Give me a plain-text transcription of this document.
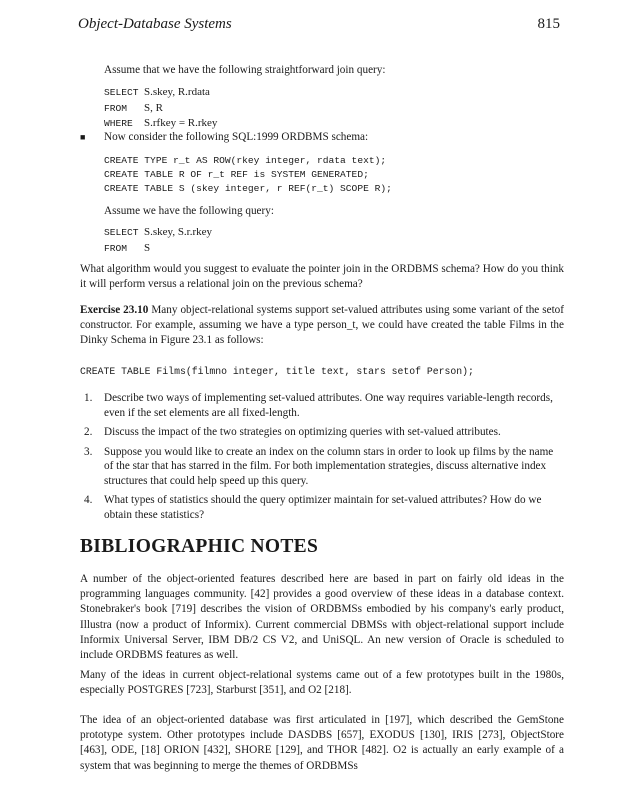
Object-Database Systems	815
Assume that we have the following straightforward join query:
SELECT S.skey, R.rdata
FROM S, R
WHERE S.rfkey = R.rkey
■ Now consider the following SQL:1999 ORDBMS schema:
CREATE TYPE r_t AS ROW(rkey integer, rdata text);
CREATE TABLE R OF r_t REF is SYSTEM GENERATED;
CREATE TABLE S (skey integer, r REF(r_t) SCOPE R);
Assume we have the following query:
SELECT S.skey, S.r.rkey
FROM S
What algorithm would you suggest to evaluate the pointer join in the ORDBMS schema? How do you think it will perform versus a relational join on the previous schema?
Exercise 23.10 Many object-relational systems support set-valued attributes using some variant of the setof constructor. For example, assuming we have a type person_t, we could have created the table Films in the Dinky Schema in Figure 23.1 as follows:
CREATE TABLE Films(filmno integer, title text, stars setof Person);
1. Describe two ways of implementing set-valued attributes. One way requires variable-length records, even if the set elements are all fixed-length.
2. Discuss the impact of the two strategies on optimizing queries with set-valued attributes.
3. Suppose you would like to create an index on the column stars in order to look up films by the name of the star that has starred in the film. For both implementation strategies, discuss alternative index structures that could help speed up this query.
4. What types of statistics should the query optimizer maintain for set-valued attributes? How do we obtain these statistics?
BIBLIOGRAPHIC NOTES
A number of the object-oriented features described here are based in part on fairly old ideas in the programming languages community. [42] provides a good overview of these ideas in a database context. Stonebraker's book [719] describes the vision of ORDBMSs embodied by his company's early product, Illustra (now a product of Informix). Current commercial DBMSs with object-relational support include Informix Universal Server, IBM DB/2 CS V2, and UniSQL. An new version of Oracle is scheduled to include ORDBMS features as well.
Many of the ideas in current object-relational systems came out of a few prototypes built in the 1980s, especially POSTGRES [723], Starburst [351], and O2 [218].
The idea of an object-oriented database was first articulated in [197], which described the GemStone prototype system. Other prototypes include DASDBS [657], EXODUS [130], IRIS [273], ObjectStore [463], ODE, [18] ORION [432], SHORE [129], and THOR [482]. O2 is actually an early example of a system that was beginning to merge the themes of ORDBMSs
